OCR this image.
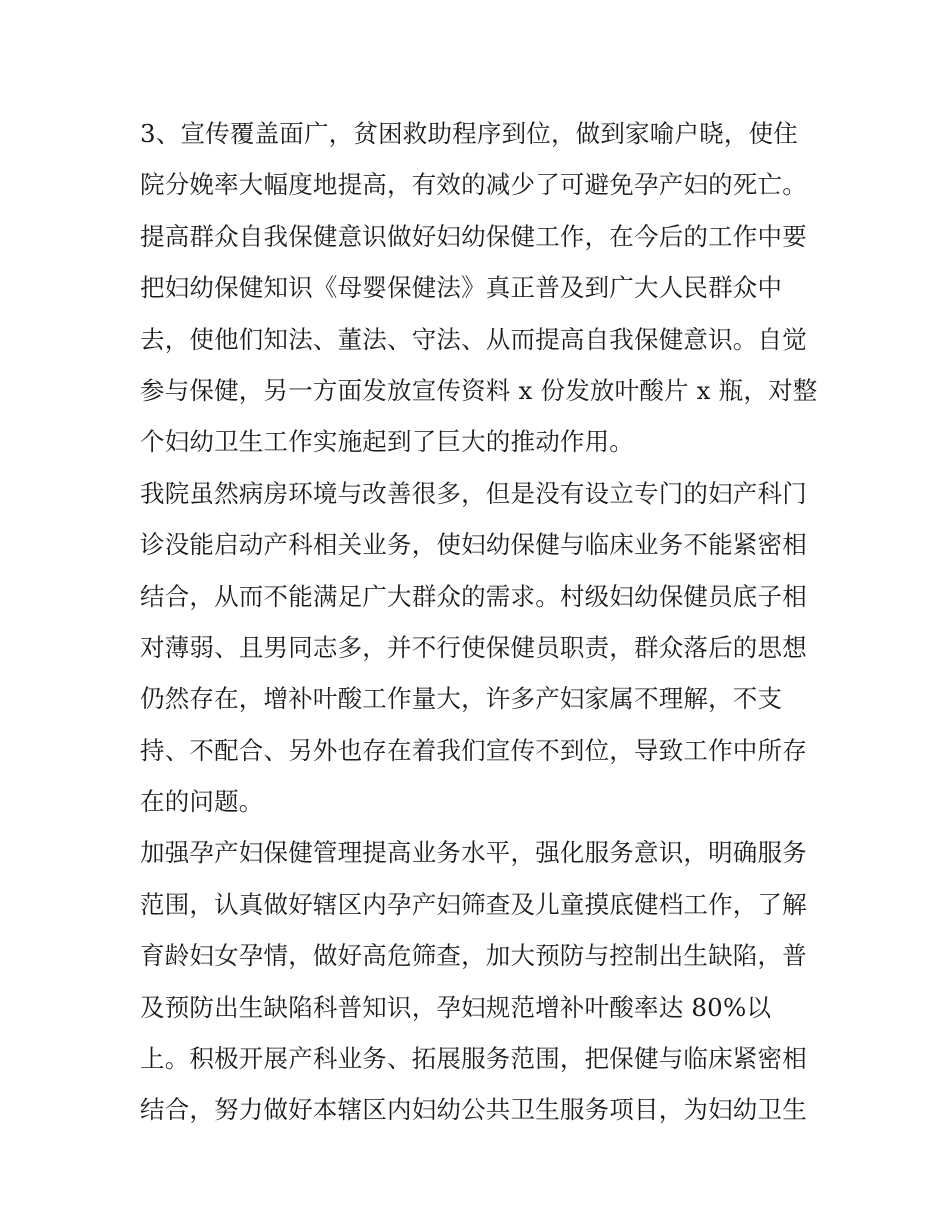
3、宣传覆盖面广，贫困救助程序到位，做到家喻户晓，使住
院分娩率大幅度地提高，有效的减少了可避免孕产妇的死亡。
提高群众自我保健意识做好妇幼保健工作，在今后的工作中要
把妇幼保健知识《母婴保健法》真正普及到广大人民群众中
去，使他们知法、董法、守法、从而提高自我保健意识。自觉
参与保健，另一方面发放宣传资料 x 份发放叶酸片 x 瓶，对整
个妇幼卫生工作实施起到了巨大的推动作用。
我院虽然病房环境与改善很多，但是没有设立专门的妇产科门
诊没能启动产科相关业务，使妇幼保健与临床业务不能紧密相
结合，从而不能满足广大群众的需求。村级妇幼保健员底子相
对薄弱、且男同志多，并不行使保健员职责，群众落后的思想
仍然存在，增补叶酸工作量大，许多产妇家属不理解，不支
持、不配合、另外也存在着我们宣传不到位，导致工作中所存
在的问题。
加强孕产妇保健管理提高业务水平，强化服务意识，明确服务
范围，认真做好辖区内孕产妇筛查及儿童摸底健档工作，了解
育龄妇女孕情，做好高危筛查，加大预防与控制出生缺陷，普
及预防出生缺陷科普知识，孕妇规范增补叶酸率达 80%以
上。积极开展产科业务、拓展服务范围，把保健与临床紧密相
结合，努力做好本辖区内妇幼公共卫生服务项目，为妇幼卫生
